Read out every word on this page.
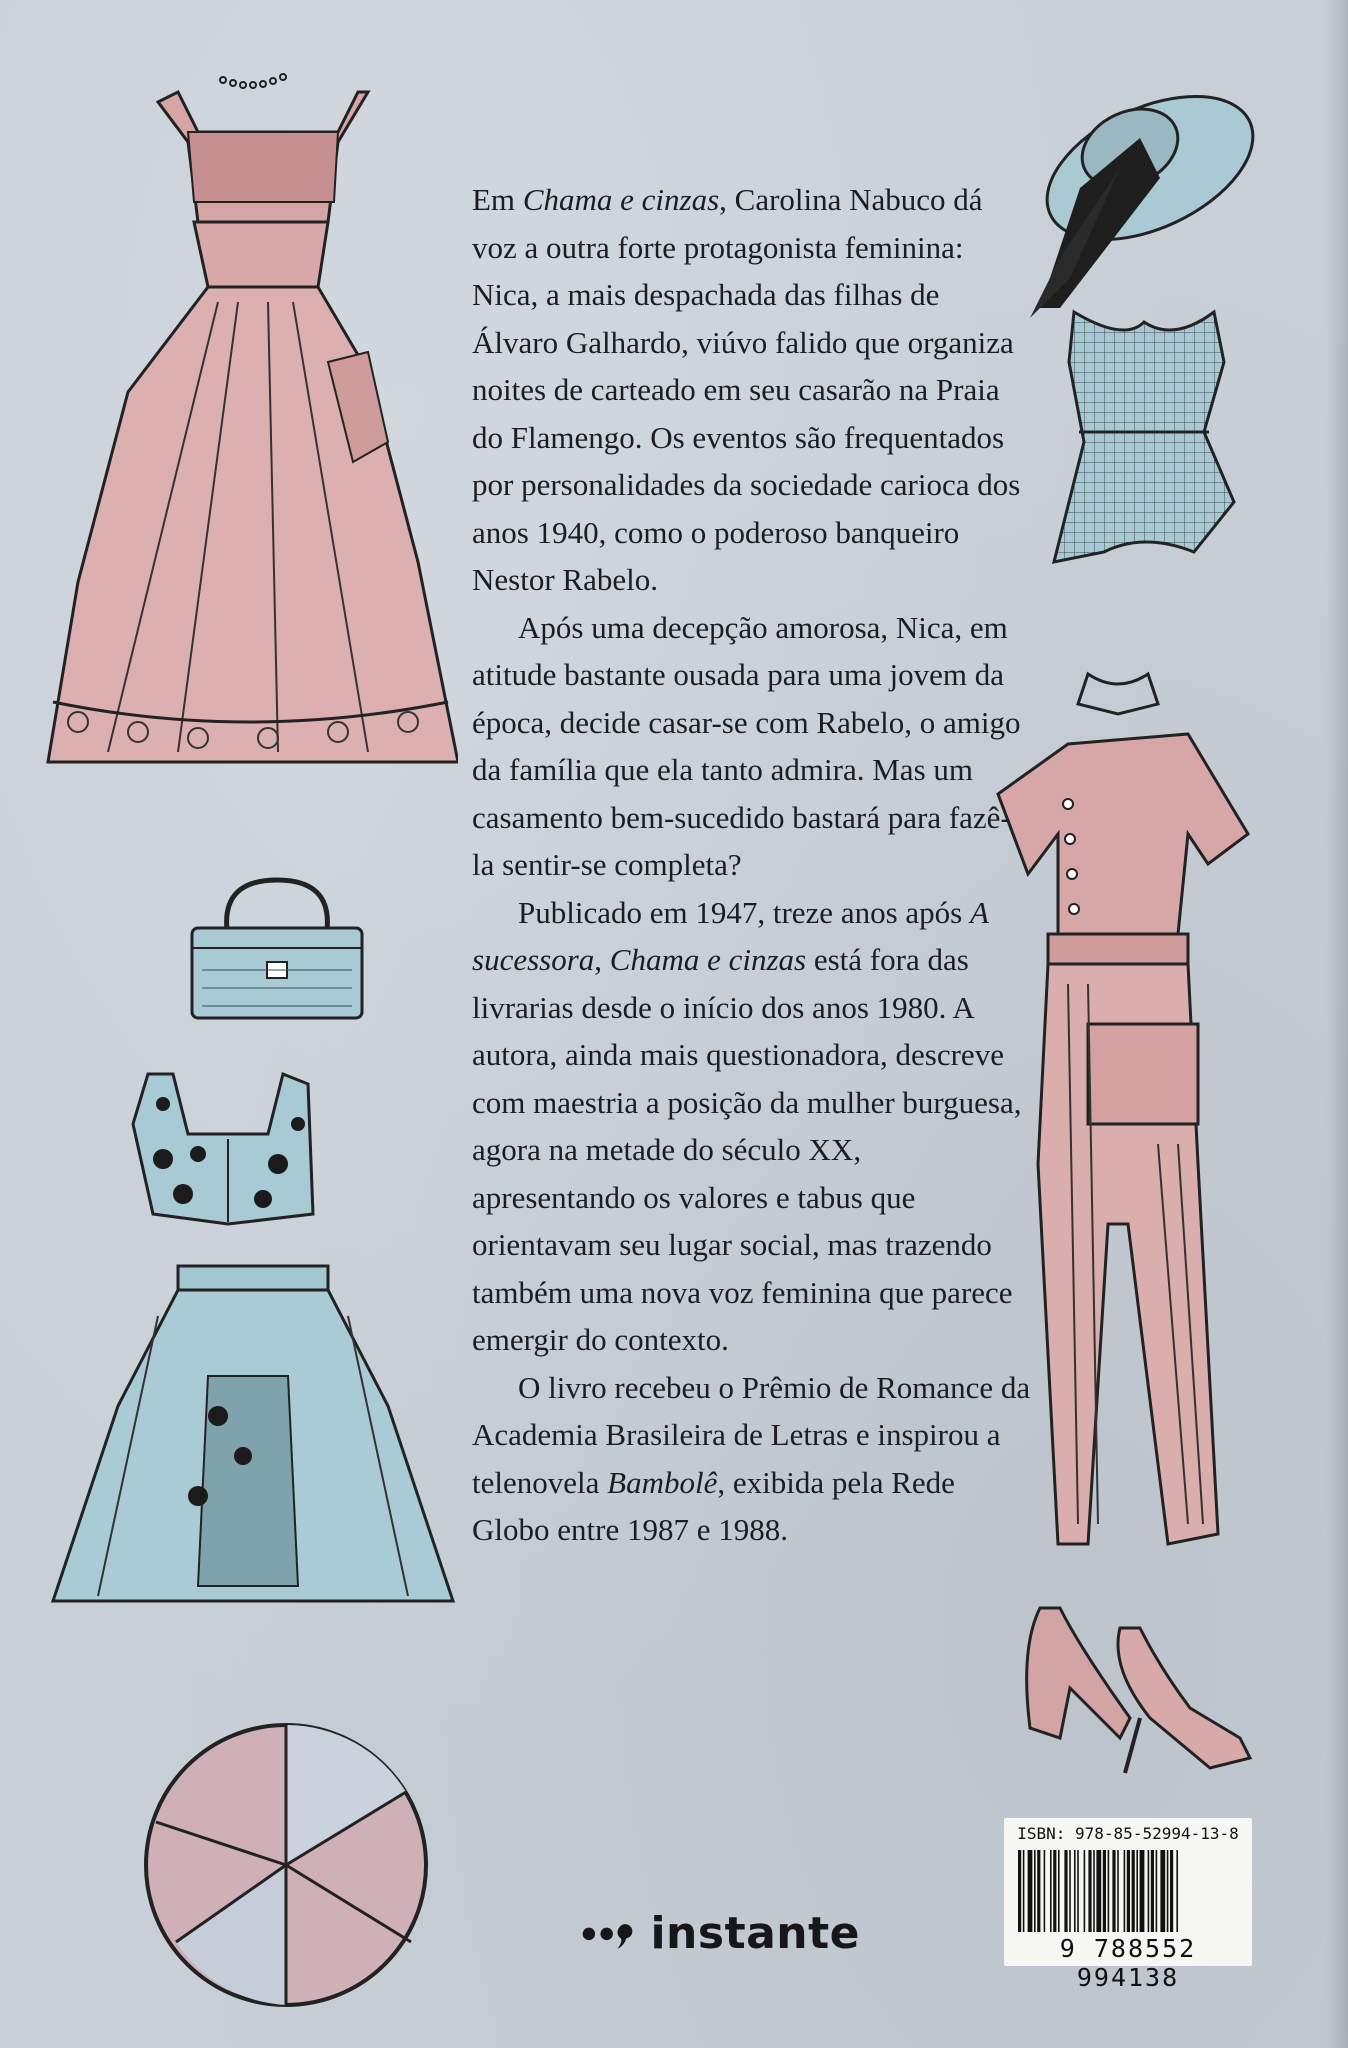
Em Chama e cinzas, Carolina Nabuco dá voz a outra forte protagonista feminina: Nica, a mais despachada das filhas de Álvaro Galhardo, viúvo falido que organiza noites de carteado em seu casarão na Praia do Flamengo. Os eventos são frequentados por personalidades da sociedade carioca dos anos 1940, como o poderoso banqueiro Nestor Rabelo.

Após uma decepção amorosa, Nica, em atitude bastante ousada para uma jovem da época, decide casar-se com Rabelo, o amigo da família que ela tanto admira. Mas um casamento bem-sucedido bastará para fazê-la sentir-se completa?

Publicado em 1947, treze anos após A sucessora, Chama e cinzas está fora das livrarias desde o início dos anos 1980. A autora, ainda mais questionadora, descreve com maestria a posição da mulher burguesa, agora na metade do século XX, apresentando os valores e tabus que orientavam seu lugar social, mas trazendo também uma nova voz feminina que parece emergir do contexto.

O livro recebeu o Prêmio de Romance da Academia Brasileira de Letras e inspirou a telenovela Bambolê, exibida pela Rede Globo entre 1987 e 1988.

instante
ISBN: 978-85-52994-13-8
9 788552 994138
